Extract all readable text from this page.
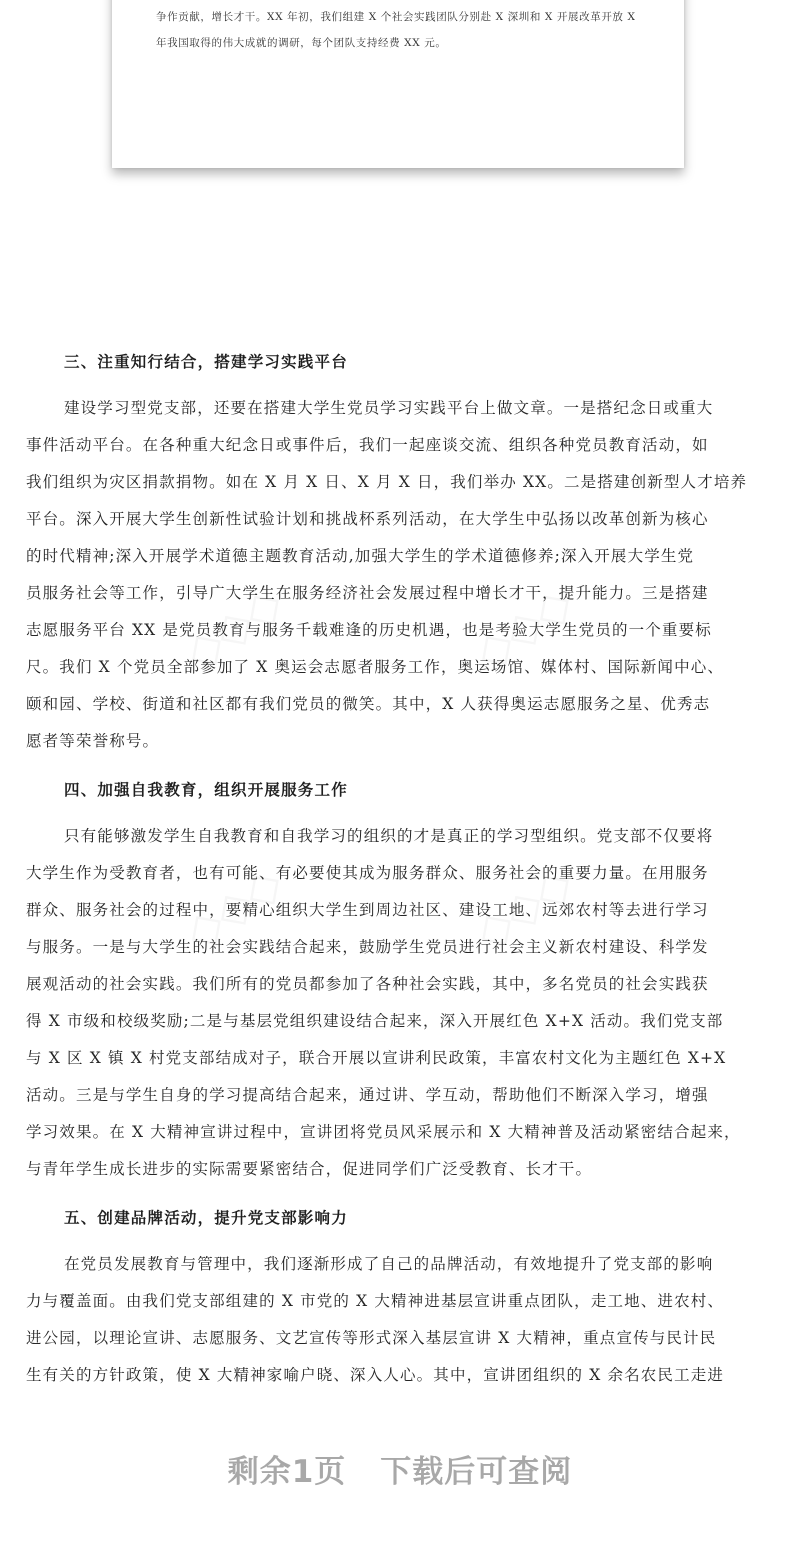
争作贡献，增长才干。XX 年初，我们组建 X 个社会实践团队分别赴 X 深圳和 X 开展改革开放 X
年我国取得的伟大成就的调研，每个团队支持经费 XX 元。
三、注重知行结合，搭建学习实践平台
建设学习型党支部，还要在搭建大学生党员学习实践平台上做文章。一是搭纪念日或重大
事件活动平台。在各种重大纪念日或事件后，我们一起座谈交流、组织各种党员教育活动，如
我们组织为灾区捐款捐物。如在 X 月 X 日、X 月 X 日，我们举办 XX。二是搭建创新型人才培养
平台。深入开展大学生创新性试验计划和挑战杯系列活动，在大学生中弘扬以改革创新为核心
的时代精神;深入开展学术道德主题教育活动,加强大学生的学术道德修养;深入开展大学生党
员服务社会等工作，引导广大学生在服务经济社会发展过程中增长才干，提升能力。三是搭建
志愿服务平台 XX 是党员教育与服务千载难逢的历史机遇，也是考验大学生党员的一个重要标
尺。我们 X 个党员全部参加了 X 奥运会志愿者服务工作，奥运场馆、媒体村、国际新闻中心、
颐和园、学校、街道和社区都有我们党员的微笑。其中，X 人获得奥运志愿服务之星、优秀志
愿者等荣誉称号。
四、加强自我教育，组织开展服务工作
只有能够激发学生自我教育和自我学习的组织的才是真正的学习型组织。党支部不仅要将
大学生作为受教育者，也有可能、有必要使其成为服务群众、服务社会的重要力量。在用服务
群众、服务社会的过程中，要精心组织大学生到周边社区、建设工地、远郊农村等去进行学习
与服务。一是与大学生的社会实践结合起来，鼓励学生党员进行社会主义新农村建设、科学发
展观活动的社会实践。我们所有的党员都参加了各种社会实践，其中，多名党员的社会实践获
得 X 市级和校级奖励;二是与基层党组织建设结合起来，深入开展红色 X+X 活动。我们党支部
与 X 区 X 镇 X 村党支部结成对子，联合开展以宣讲利民政策，丰富农村文化为主题红色 X+X
活动。三是与学生自身的学习提高结合起来，通过讲、学互动，帮助他们不断深入学习，增强
学习效果。在 X 大精神宣讲过程中，宣讲团将党员风采展示和 X 大精神普及活动紧密结合起来，
与青年学生成长进步的实际需要紧密结合，促进同学们广泛受教育、长才干。
五、创建品牌活动，提升党支部影响力
在党员发展教育与管理中，我们逐渐形成了自己的品牌活动，有效地提升了党支部的影响
力与覆盖面。由我们党支部组建的 X 市党的 X 大精神进基层宣讲重点团队，走工地、进农村、
进公园，以理论宣讲、志愿服务、文艺宣传等形式深入基层宣讲 X 大精神，重点宣传与民计民
生有关的方针政策，使 X 大精神家喻户晓、深入人心。其中，宣讲团组织的 X 余名农民工走进
剩余1页 下载后可查阅
